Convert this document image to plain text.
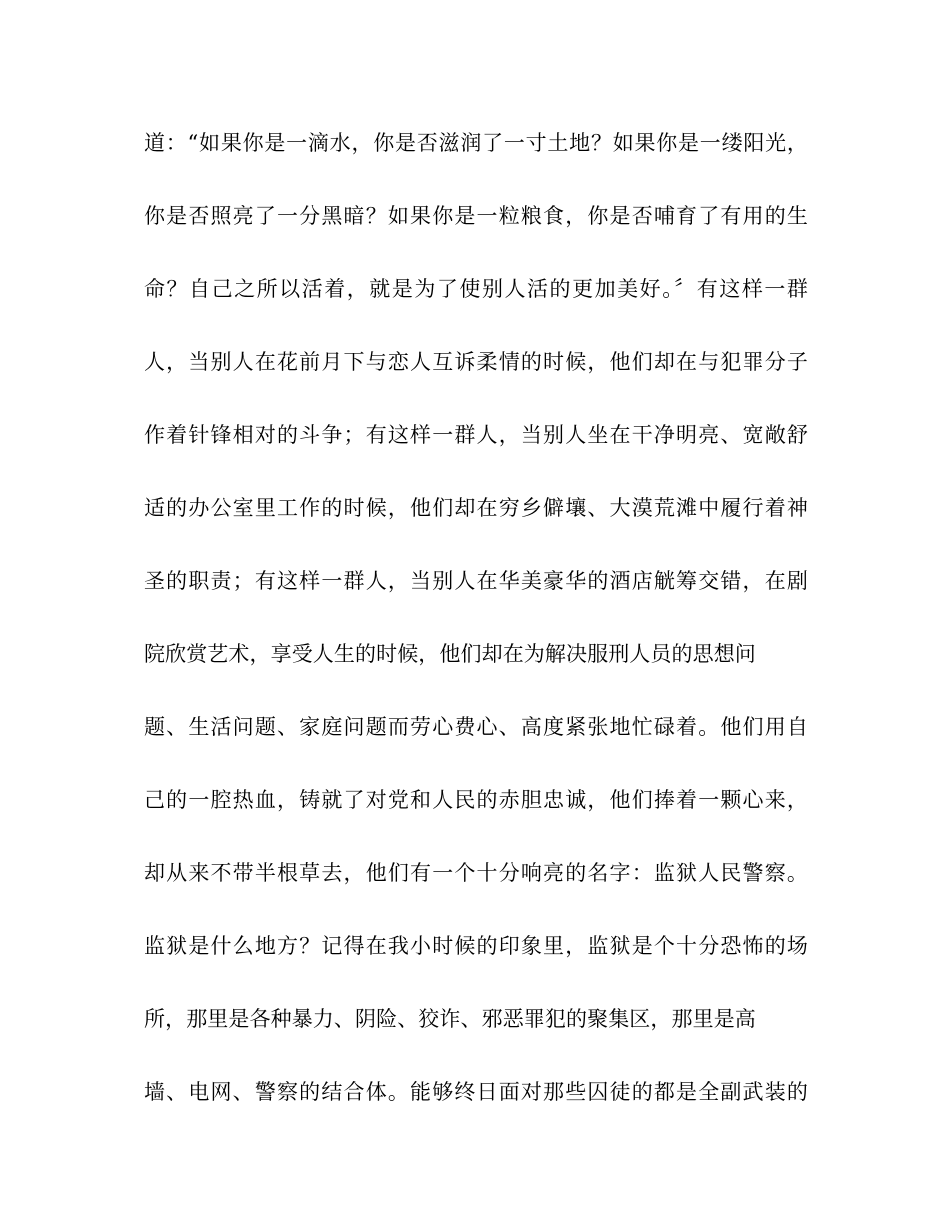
道：“如果你是一滴水，你是否滋润了一寸土地？如果你是一缕阳光，
你是否照亮了一分黑暗？如果你是一粒粮食，你是否哺育了有用的生
命？自己之所以活着，就是为了使别人活的更加美好。〞有这样一群
人，当别人在花前月下与恋人互诉柔情的时候，他们却在与犯罪分子
作着针锋相对的斗争；有这样一群人，当别人坐在干净明亮、宽敞舒
适的办公室里工作的时候，他们却在穷乡僻壤、大漠荒滩中履行着神
圣的职责；有这样一群人，当别人在华美豪华的酒店觥筹交错，在剧
院欣赏艺术，享受人生的时候，他们却在为解决服刑人员的思想问
题、生活问题、家庭问题而劳心费心、高度紧张地忙碌着。他们用自
己的一腔热血，铸就了对党和人民的赤胆忠诚，他们捧着一颗心来，
却从来不带半根草去，他们有一个十分响亮的名字：监狱人民警察。
监狱是什么地方？记得在我小时候的印象里，监狱是个十分恐怖的场
所，那里是各种暴力、阴险、狡诈、邪恶罪犯的聚集区，那里是高
墙、电网、警察的结合体。能够终日面对那些囚徒的都是全副武装的
